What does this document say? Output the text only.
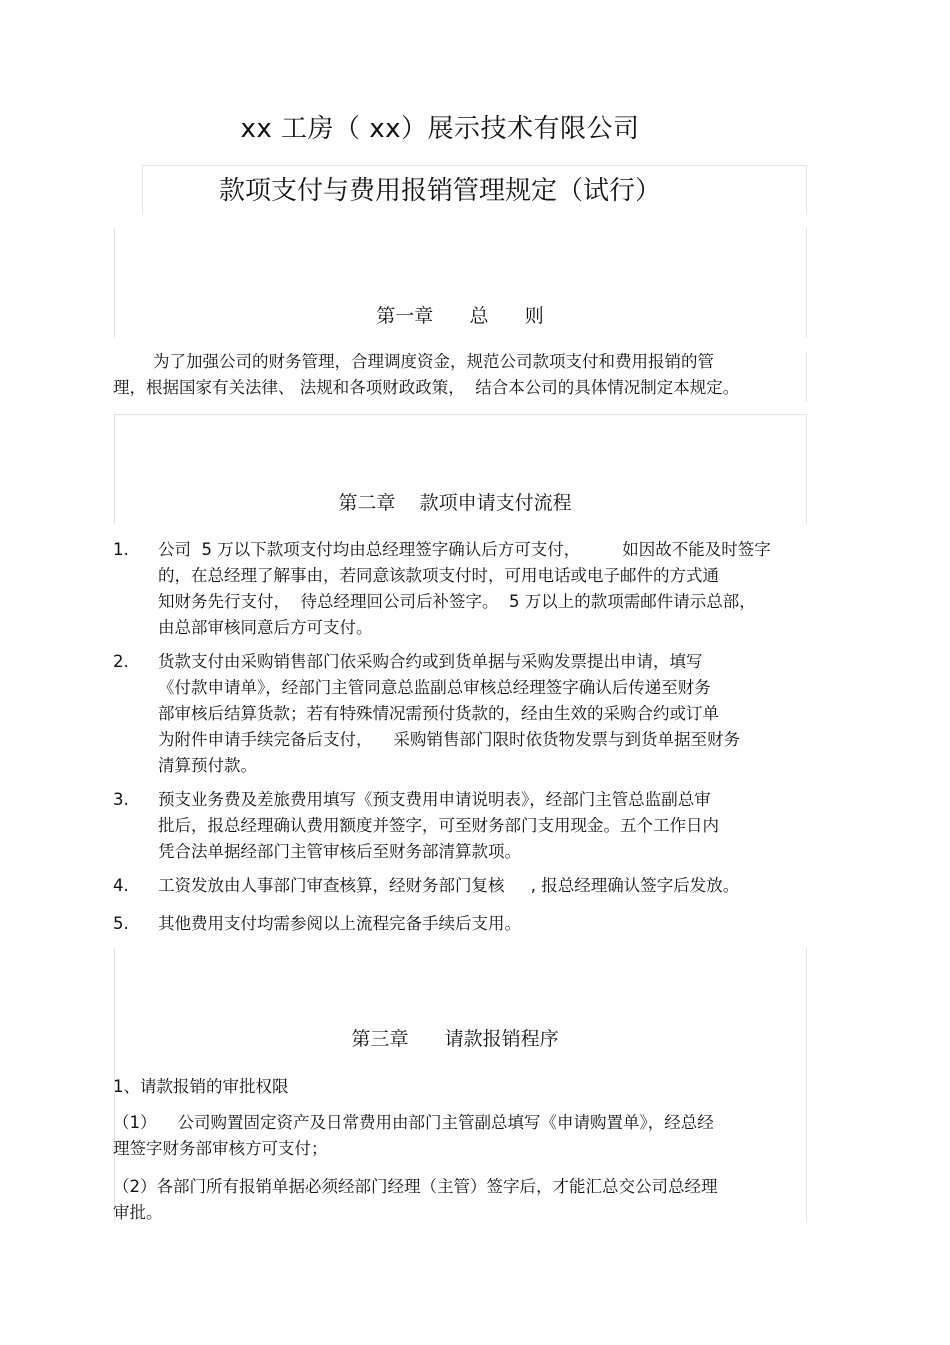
xx 工房（ xx）展示技术有限公司
款项支付与费用报销管理规定（试行）
第一章      总      则
为了加强公司的财务管理，合理调度资金，规范公司款项支付和费用报销的管
理，根据国家有关法律、 法规和各项财政政策，  结合本公司的具体情况制定本规定。
第二章    款项申请支付流程
1.	公司  5 万以下款项支付均由总经理签字确认后方可支付，        如因故不能及时签字
的，在总经理了解事由，若同意该款项支付时，可用电话或电子邮件的方式通
知财务先行支付，  待总经理回公司后补签字。  5 万以上的款项需邮件请示总部，
由总部审核同意后方可支付。
2.	货款支付由采购销售部门依采购合约或到货单据与采购发票提出申请，填写
《付款申请单》，经部门主管同意总监副总审核总经理签字确认后传递至财务
部审核后结算货款；若有特殊情况需预付货款的，经由生效的采购合约或订单
为附件申请手续完备后支付，    采购销售部门限时依货物发票与到货单据至财务
清算预付款。
3.	预支业务费及差旅费用填写《预支费用申请说明表》，经部门主管总监副总审
批后，报总经理确认费用额度并签字，可至财务部门支用现金。五个工作日内
凭合法单据经部门主管审核后至财务部清算款项。
4.	工资发放由人事部门审查核算，经财务部门复核     , 报总经理确认签字后发放。
5.	其他费用支付均需参阅以上流程完备手续后支用。
第三章      请款报销程序
1、请款报销的审批权限
（1）    公司购置固定资产及日常费用由部门主管副总填写《申请购置单》，经总经
理签字财务部审核方可支付；
（2）各部门所有报销单据必须经部门经理（主管）签字后，才能汇总交公司总经理
审批。
